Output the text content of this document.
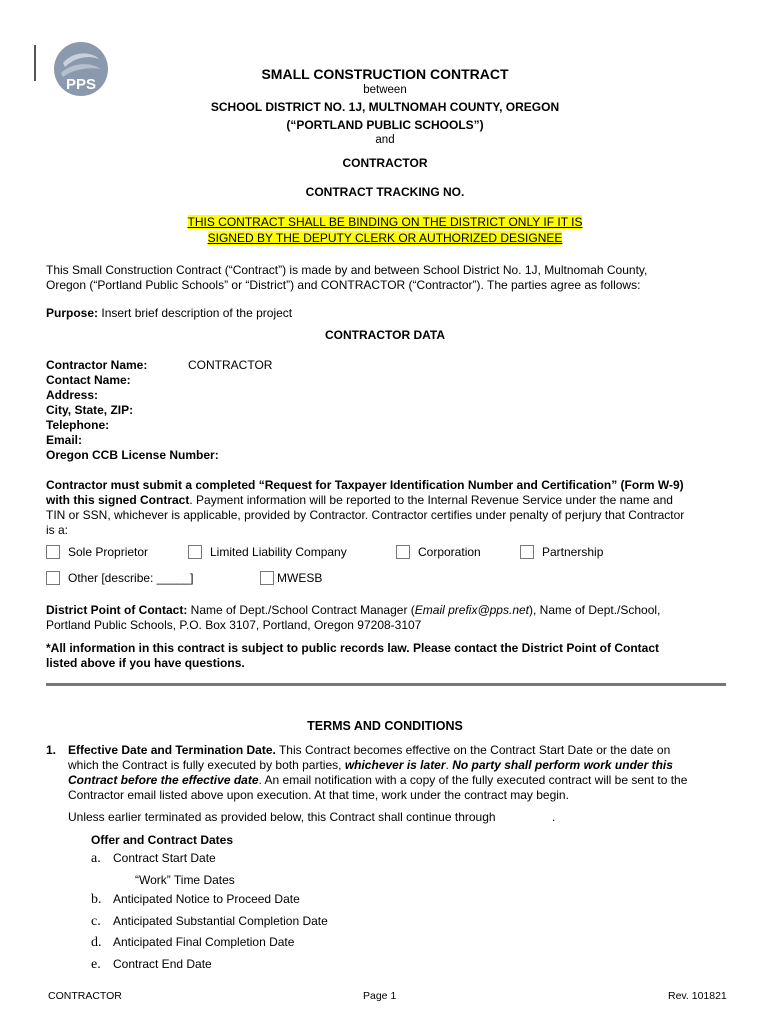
PPS
SMALL CONSTRUCTION CONTRACT
between
SCHOOL DISTRICT NO. 1J, MULTNOMAH COUNTY, OREGON
(“PORTLAND PUBLIC SCHOOLS”)
and
CONTRACTOR
CONTRACT TRACKING NO.
THIS CONTRACT SHALL BE BINDING ON THE DISTRICT ONLY IF IT IS
SIGNED BY THE DEPUTY CLERK OR AUTHORIZED DESIGNEE
This Small Construction Contract (“Contract”) is made by and between School District No. 1J, Multnomah County,
Oregon (“Portland Public Schools” or “District”) and CONTRACTOR (“Contractor”). The parties agree as follows:
Purpose: Insert brief description of the project
CONTRACTOR DATA
Contractor Name:	CONTRACTOR
Contact Name:
Address:
City, State, ZIP:
Telephone:
Email:
Oregon CCB License Number:
Contractor must submit a completed “Request for Taxpayer Identification Number and Certification” (Form W-9)
with this signed Contract. Payment information will be reported to the Internal Revenue Service under the name and
TIN or SSN, whichever is applicable, provided by Contractor. Contractor certifies under penalty of perjury that Contractor
is a:
Sole Proprietor	Limited Liability Company	Corporation	Partnership
Other [describe: _____]	MWESB
District Point of Contact: Name of Dept./School Contract Manager (Email prefix@pps.net), Name of Dept./School,
Portland Public Schools, P.O. Box 3107, Portland, Oregon 97208-3107
*All information in this contract is subject to public records law. Please contact the District Point of Contact
listed above if you have questions.
TERMS AND CONDITIONS
1. Effective Date and Termination Date. This Contract becomes effective on the Contract Start Date or the date on
which the Contract is fully executed by both parties, whichever is later. No party shall perform work under this
Contract before the effective date. An email notification with a copy of the fully executed contract will be sent to the
Contractor email listed above upon execution. At that time, work under the contract may begin.
Unless earlier terminated as provided below, this Contract shall continue through	.
Offer and Contract Dates
a. Contract Start Date
“Work” Time Dates
b. Anticipated Notice to Proceed Date
c. Anticipated Substantial Completion Date
d. Anticipated Final Completion Date
e. Contract End Date
CONTRACTOR	Page 1	Rev. 101821
